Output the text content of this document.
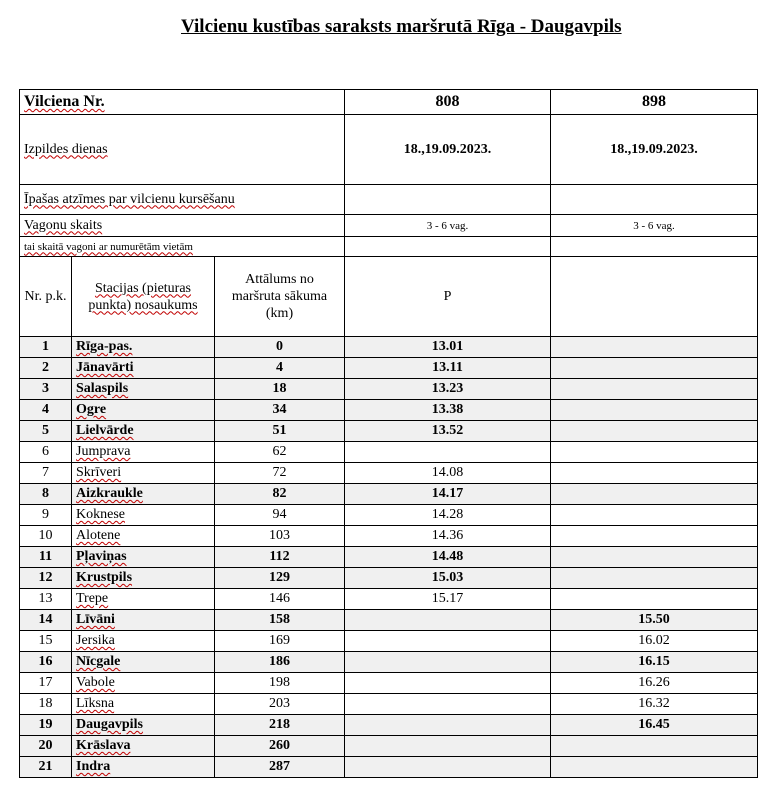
Vilcienu kustības saraksts maršrutā Rīga - Daugavpils
Vilciena Nr.			808	898
Izpildes dienas			18.,19.09.2023.	18.,19.09.2023.
Īpašas atzīmes par vilcienu kursēšanu				
Vagonu skaits			3 - 6 vag.	3 - 6 vag.
tai skaitā vagoni ar numurētām vietām				
Nr. p.k.	Stacijas (pieturas punkta) nosaukums	Attālums no maršruta sākuma (km)	P	
1	Rīga-pas.	0	13.01	
2	Jānavārti	4	13.11	
3	Salaspils	18	13.23	
4	Ogre	34	13.38	
5	Lielvārde	51	13.52	
6	Jumprava	62		
7	Skrīveri	72	14.08	
8	Aizkraukle	82	14.17	
9	Koknese	94	14.28	
10	Alotene	103	14.36	
11	Pļaviņas	112	14.48	
12	Krustpils	129	15.03	
13	Trepe	146	15.17	
14	Līvāni	158		15.50
15	Jersika	169		16.02
16	Nīcgale	186		16.15
17	Vabole	198		16.26
18	Līksna	203		16.32
19	Daugavpils	218		16.45
20	Krāslava	260		
21	Indra	287		
